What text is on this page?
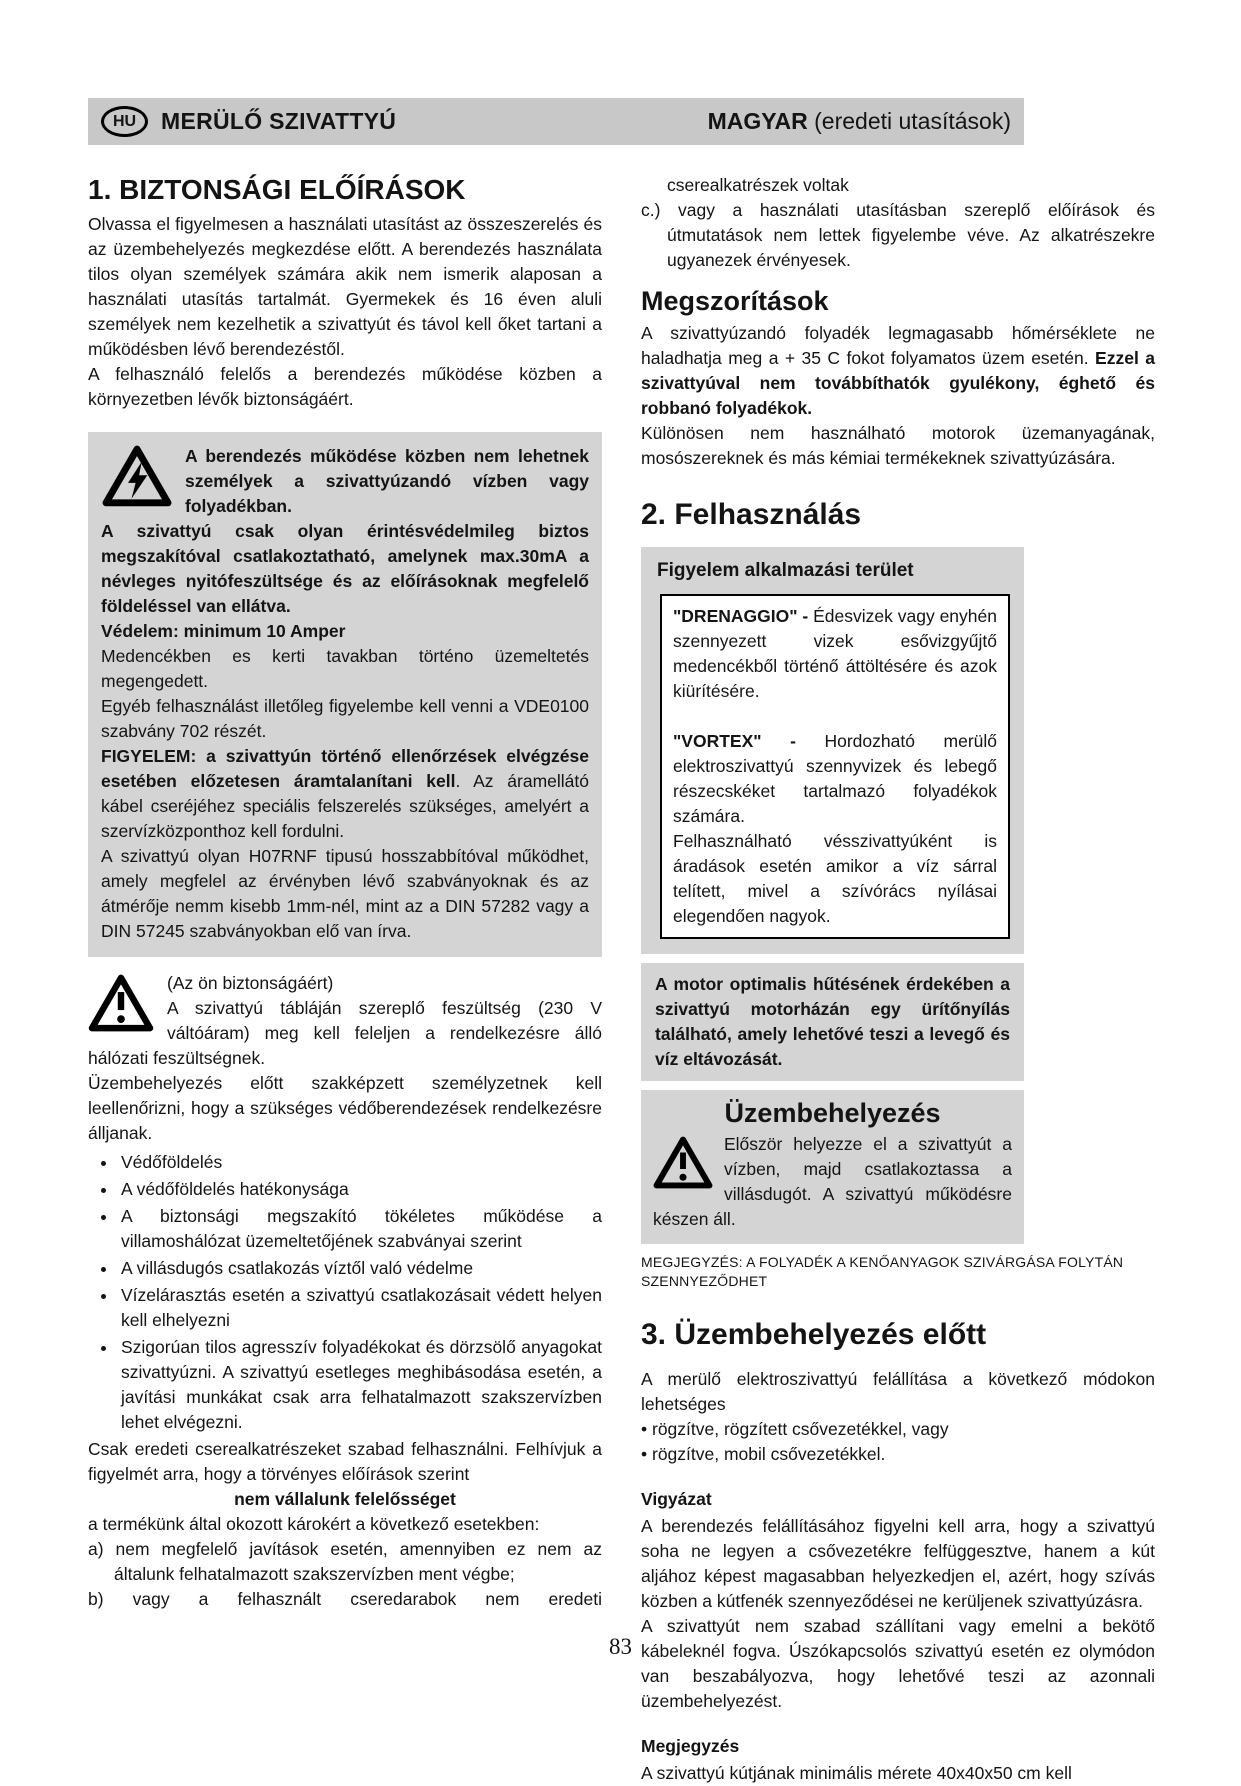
HU	MERÜLŐ SZIVATTYÚ	MAGYAR (eredeti utasítások)
1. BIZTONSÁGI ELŐÍRÁSOK

Olvassa el figyelmesen a használati utasítást az összeszerelés és az üzembehelyezés megkezdése előtt. A berendezés használata tilos olyan személyek számára akik nem ismerik alaposan a használati utasítás tartalmát. Gyermekek és 16 éven aluli személyek nem kezelhetik a szivattyút és távol kell őket tartani a működésben lévő berendezéstől.

A felhasználó felelős a berendezés működése közben a környezetben lévők biztonságáért.

A berendezés működése közben nem lehetnek személyek a szivattyúzandó vízben vagy folyadékban.

A szivattyú csak olyan érintésvédelmileg biztos megszakítóval csatlakoztatható, amelynek max.30mA a névleges nyitófeszültsége és az előírásoknak megfelelő földeléssel van ellátva.

Védelem: minimum 10 Amper

Medencékben es kerti tavakban történo üzemeltetés megengedett.

Egyéb felhasználást illetőleg figyelembe kell venni a VDE0100 szabvány 702 részét.

FIGYELEM: a szivattyún történő ellenőrzések elvégzése esetében előzetesen áramtalanítani kell. Az áramellátó kábel cseréjéhez speciális felszerelés szükséges, amelyért a szervízközponthoz kell fordulni.

A szivattyú olyan H07RNF tipusú hosszabbítóval működhet, amely megfelel az érvényben lévő szabványoknak és az átmérője nemm kisebb 1mm-nél, mint az a DIN 57282 vagy a DIN 57245 szabványokban elő van írva.

(Az ön biztonságáért)

A szivattyú tábláján szereplő feszültség (230 V váltóáram) meg kell feleljen a rendelkezésre álló hálózati feszültségnek.

Üzembehelyezés előtt szakképzett személyzetnek kell leellenőrizni, hogy a szükséges védőberendezések rendelkezésre álljanak.

• Védőföldelés
• A védőföldelés hatékonysága
• A biztonsági megszakító tökéletes működése a villamoshálózat üzemeltetőjének szabványai szerint
• A villásdugós csatlakozás víztől való védelme
• Vízelárasztás esetén a szivattyú csatlakozásait védett helyen kell elhelyezni
• Szigorúan tilos agresszív folyadékokat és dörzsölő anyagokat szivattyúzni. A szivattyú esetleges meghibásodása esetén, a javítási munkákat csak arra felhatalmazott szakszervízben lehet elvégezni.

Csak eredeti cserealkatrészeket szabad felhasználni. Felhívjuk a figyelmét arra, hogy a törvényes előírások szerint

nem vállalunk felelősséget

a termékünk által okozott károkért a következő esetekben:

a) nem megfelelő javítások esetén, amennyiben ez nem az általunk felhatalmazott szakszervízben ment végbe;

b) vagy a felhasznált cseredarabok nem eredeti

cserealkatrészek voltak

c.) vagy a használati utasításban szereplő előírások és útmutatások nem lettek figyelembe véve. Az alkatrészekre ugyanezek érvényesek.

Megszorítások

A szivattyúzandó folyadék legmagasabb hőmérséklete ne haladhatja meg a + 35 C fokot folyamatos üzem esetén. Ezzel a szivattyúval nem továbbíthatók gyulékony, éghető és robbanó folyadékok.

Különösen nem használható motorok üzemanyagának, mosószereknek és más kémiai termékeknek szivattyúzására.

2. Felhasználás

Figyelem alkalmazási terület

"DRENAGGIO" - Édesvizek vagy enyhén szennyezett vizek esővizgyűjtő medencékből történő áttöltésére és azok kiürítésére.

"VORTEX" - Hordozható merülő elektroszivattyú szennyvizek és lebegő részecskéket tartalmazó folyadékok számára.

Felhasználható vésszivattyúként is áradások esetén amikor a víz sárral telített, mivel a szívórács nyílásai elegendően nagyok.

A motor optimalis hűtésének érdekében a szivattyú motorházán egy ürítőnyílás található, amely lehetővé teszi a levegő és víz eltávozását.
Üzembehelyezés

Először helyezze el a szivattyút a vízben, majd csatlakoztassa a villásdugót. A szivattyú működésre készen áll.

MEGJEGYZÉS: A FOLYADÉK A KENŐANYAGOK SZIVÁRGÁSA FOLYTÁN SZENNYEZŐDHET

3. Üzembehelyezés előtt

A merülő elektroszivattyú felállítása a következő módokon lehetséges

• rögzítve, rögzített csővezetékkel, vagy

• rögzítve, mobil csővezetékkel.

Vigyázat

A berendezés felállításához figyelni kell arra, hogy a szivattyú soha ne legyen a csővezetékre felfüggesztve, hanem a kút aljához képest magasabban helyezkedjen el, azért, hogy szívás közben a kútfenék szennyeződései ne kerüljenek szivattyúzásra.

A szivattyút nem szabad szállítani vagy emelni a bekötő kábeleknél fogva. Úszókapcsolós szivattyú esetén ez olymódon van beszabályozva, hogy lehetővé teszi az azonnali üzembehelyezést.

Megjegyzés

A szivattyú kútjának minimális mérete 40x40x50 cm kell

83
